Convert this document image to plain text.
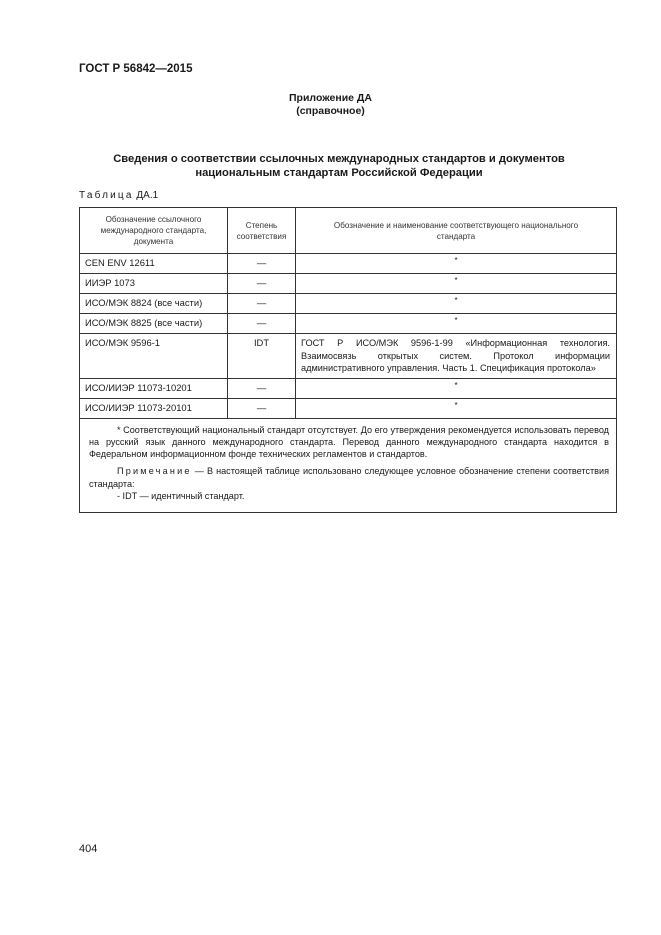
ГОСТ Р 56842—2015
Приложение ДА
(справочное)
Сведения о соответствии ссылочных международных стандартов и документов
национальным стандартам Российской Федерации
Таблица ДА.1
Обозначение ссылочного международного стандарта, документа	Степень соответствия	Обозначение и наименование соответствующего национального стандарта
CEN ENV 12611	—	*
ИИЭР 1073	—	*
ИСО/МЭК 8824 (все части)	—	*
ИСО/МЭК 8825 (все части)	—	*
ИСО/МЭК 9596-1	IDT	ГОСТ Р ИСО/МЭК 9596-1-99 «Информационная технология. Взаимосвязь открытых систем. Протокол информации административного управления. Часть 1. Спецификация протокола»
ИСО/ИИЭР 11073-10201	—	*
ИСО/ИИЭР 11073-20101	—	*

* Соответствующий национальный стандарт отсутствует. До его утверждения рекомендуется использовать перевод на русский язык данного международного стандарта. Перевод данного международного стандарта находится в Федеральном информационном фонде технических регламентов и стандартов.

Примечание — В настоящей таблице использовано следующее условное обозначение степени соответствия стандарта:

- IDT — идентичный стандарт.		

404
